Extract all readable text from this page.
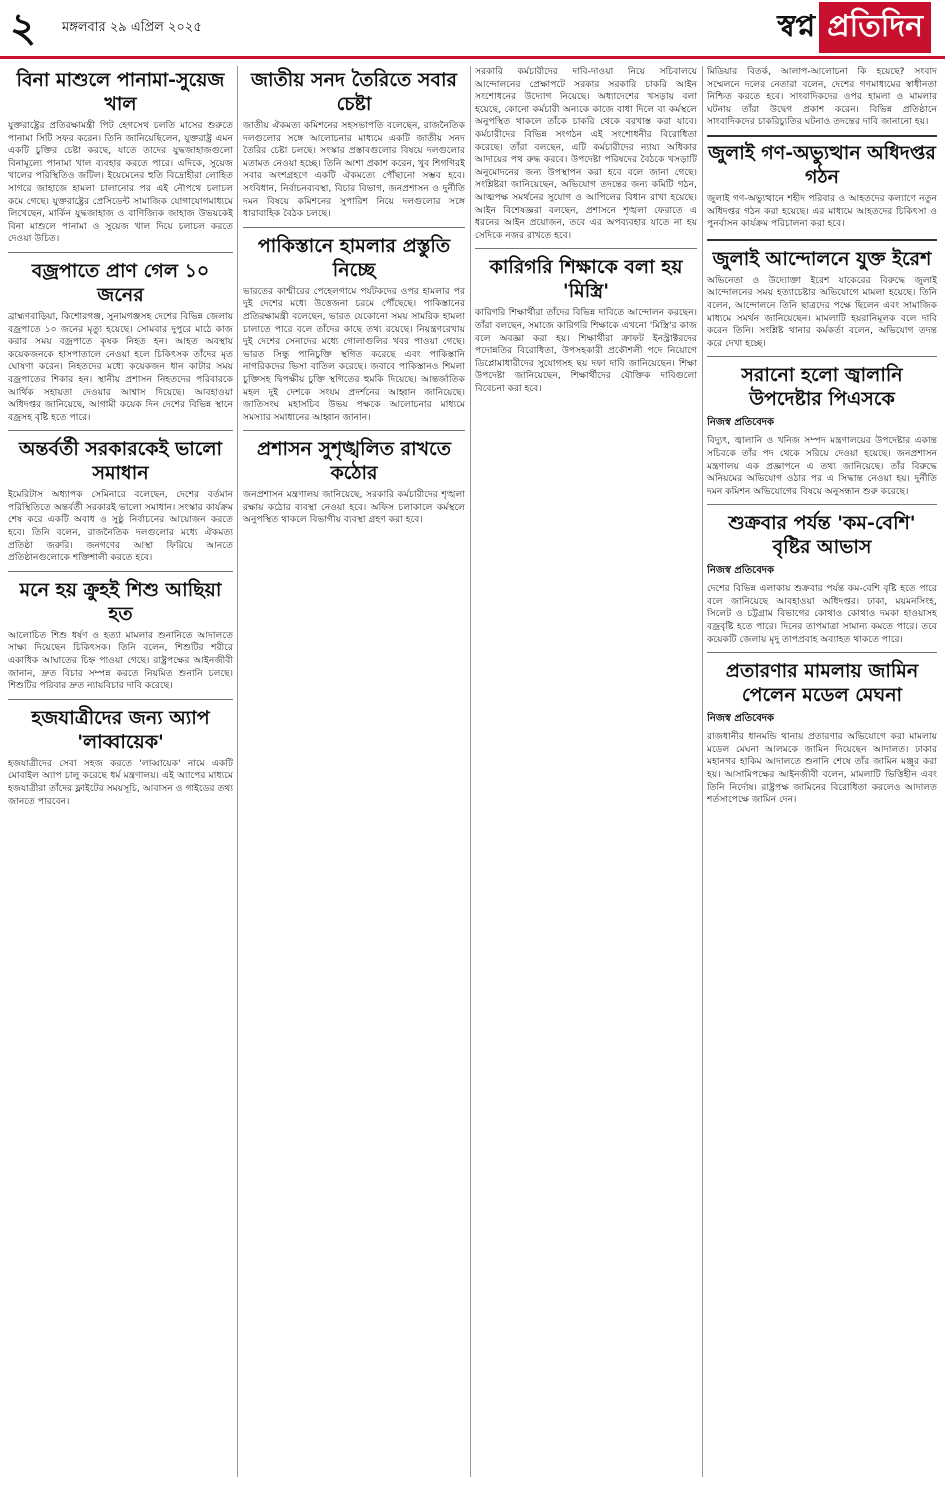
২ মঙ্গলবার ২৯ এপ্রিল ২০২৫	স্বপ্ন প্রতিদিন
বিনা মাশুলে পানামা-সুয়েজ খাল

যুক্তরাষ্ট্রের প্রতিরক্ষামন্ত্রী পিট হেগসেথ চলতি মাসের শুরুতে পানামা সিটি সফর করেন। তিনি জানিয়েছিলেন, যুক্তরাষ্ট্র এমন একটি চুক্তির চেষ্টা করছে, যাতে তাদের যুদ্ধজাহাজগুলো বিনামূল্যে পানামা খাল ব্যবহার করতে পারে। এদিকে, সুয়েজ খালের পরিস্থিতিও জটিল। ইয়েমেনের হুতি বিদ্রোহীরা লোহিত সাগরে জাহাজে হামলা চালানোর পর এই নৌপথে চলাচল কমে গেছে। যুক্তরাষ্ট্রের প্রেসিডেন্ট সামাজিক যোগাযোগমাধ্যমে লিখেছেন, মার্কিন যুদ্ধজাহাজ ও বাণিজ্যিক জাহাজ উভয়কেই বিনা মাশুলে পানামা ও সুয়েজ খাল দিয়ে চলাচল করতে দেওয়া উচিত।

বজ্রপাতে প্রাণ গেল ১০ জনের

ব্রাহ্মণবাড়িয়া, কিশোরগঞ্জ, সুনামগঞ্জসহ দেশের বিভিন্ন জেলায় বজ্রপাতে ১০ জনের মৃত্যু হয়েছে। সোমবার দুপুরে মাঠে কাজ করার সময় বজ্রপাতে কৃষক নিহত হন। আহত অবস্থায় কয়েকজনকে হাসপাতালে নেওয়া হলে চিকিৎসক তাঁদের মৃত ঘোষণা করেন। নিহতদের মধ্যে কয়েকজন ধান কাটার সময় বজ্রপাতের শিকার হন। স্থানীয় প্রশাসন নিহতদের পরিবারকে আর্থিক সহায়তা দেওয়ার আশ্বাস দিয়েছে। আবহাওয়া অধিদপ্তর জানিয়েছে, আগামী কয়েক দিন দেশের বিভিন্ন স্থানে বজ্রসহ বৃষ্টি হতে পারে।

অন্তর্বর্তী সরকারকেই ভালো সমাধান

ইমেরিটাস অধ্যাপক সেমিনারে বলেছেন, দেশের বর্তমান পরিস্থিতিতে অন্তর্বর্তী সরকারই ভালো সমাধান। সংস্কার কার্যক্রম শেষ করে একটি অবাধ ও সুষ্ঠু নির্বাচনের আয়োজন করতে হবে। তিনি বলেন, রাজনৈতিক দলগুলোর মধ্যে ঐকমত্য প্রতিষ্ঠা জরুরি। জনগণের আস্থা ফিরিয়ে আনতে প্রতিষ্ঠানগুলোকে শক্তিশালী করতে হবে।

মনে হয় ক্রুহই শিশু আছিয়া হত

আলোচিত শিশু ধর্ষণ ও হত্যা মামলার শুনানিতে আদালতে সাক্ষ্য দিয়েছেন চিকিৎসক। তিনি বলেন, শিশুটির শরীরে একাধিক আঘাতের চিহ্ন পাওয়া গেছে। রাষ্ট্রপক্ষের আইনজীবী জানান, দ্রুত বিচার সম্পন্ন করতে নিয়মিত শুনানি চলছে। শিশুটির পরিবার দ্রুত ন্যায়বিচার দাবি করেছে।

হজযাত্রীদের জন্য অ্যাপ 'লাব্বায়েক'

হজযাত্রীদের সেবা সহজ করতে 'লাব্বায়েক' নামে একটি মোবাইল অ্যাপ চালু করেছে ধর্ম মন্ত্রণালয়। এই অ্যাপের মাধ্যমে হজযাত্রীরা তাঁদের ফ্লাইটের সময়সূচি, আবাসন ও গাইডের তথ্য জানতে পারবেন।

জাতীয় সনদ তৈরিতে সবার চেষ্টা

জাতীয় ঐকমত্য কমিশনের সহসভাপতি বলেছেন, রাজনৈতিক দলগুলোর সঙ্গে আলোচনার মাধ্যমে একটি জাতীয় সনদ তৈরির চেষ্টা চলছে। সংস্কার প্রস্তাবগুলোর বিষয়ে দলগুলোর মতামত নেওয়া হচ্ছে। তিনি আশা প্রকাশ করেন, খুব শিগগিরই সবার অংশগ্রহণে একটি ঐকমত্যে পৌঁছানো সম্ভব হবে। সংবিধান, নির্বাচনব্যবস্থা, বিচার বিভাগ, জনপ্রশাসন ও দুর্নীতি দমন বিষয়ে কমিশনের সুপারিশ নিয়ে দলগুলোর সঙ্গে ধারাবাহিক বৈঠক চলছে।

পাকিস্তানে হামলার প্রস্তুতি নিচ্ছে

ভারতের কাশ্মীরের পেহেলগামে পর্যটকদের ওপর হামলার পর দুই দেশের মধ্যে উত্তেজনা চরমে পৌঁছেছে। পাকিস্তানের প্রতিরক্ষামন্ত্রী বলেছেন, ভারত যেকোনো সময় সামরিক হামলা চালাতে পারে বলে তাঁদের কাছে তথ্য রয়েছে। নিয়ন্ত্রণরেখায় দুই দেশের সেনাদের মধ্যে গোলাগুলির খবর পাওয়া গেছে। ভারত সিন্ধু পানিচুক্তি স্থগিত করেছে এবং পাকিস্তানি নাগরিকদের ভিসা বাতিল করেছে। জবাবে পাকিস্তানও শিমলা চুক্তিসহ দ্বিপক্ষীয় চুক্তি স্থগিতের হুমকি দিয়েছে। আন্তর্জাতিক মহল দুই দেশকে সংযম প্রদর্শনের আহ্বান জানিয়েছে। জাতিসংঘ মহাসচিব উভয় পক্ষকে আলোচনার মাধ্যমে সমস্যার সমাধানের আহ্বান জানান।

প্রশাসন সুশৃঙ্খলিত রাখতে কঠোর

জনপ্রশাসন মন্ত্রণালয় জানিয়েছে, সরকারি কর্মচারীদের শৃঙ্খলা রক্ষায় কঠোর ব্যবস্থা নেওয়া হবে। অফিস চলাকালে কর্মস্থলে অনুপস্থিত থাকলে বিভাগীয় ব্যবস্থা গ্রহণ করা হবে।

সরকারি কর্মচারীদের দাবি-দাওয়া নিয়ে সচিবালয়ে আন্দোলনের প্রেক্ষাপটে সরকার সরকারি চাকরি আইন সংশোধনের উদ্যোগ নিয়েছে। অধ্যাদেশের খসড়ায় বলা হয়েছে, কোনো কর্মচারী অন্যকে কাজে বাধা দিলে বা কর্মস্থলে অনুপস্থিত থাকলে তাঁকে চাকরি থেকে বরখাস্ত করা যাবে। কর্মচারীদের বিভিন্ন সংগঠন এই সংশোধনীর বিরোধিতা করেছে। তাঁরা বলছেন, এটি কর্মচারীদের ন্যায্য অধিকার আদায়ের পথ রুদ্ধ করবে। উপদেষ্টা পরিষদের বৈঠকে খসড়াটি অনুমোদনের জন্য উপস্থাপন করা হবে বলে জানা গেছে। সংশ্লিষ্টরা জানিয়েছেন, অভিযোগ তদন্তের জন্য কমিটি গঠন, আত্মপক্ষ সমর্থনের সুযোগ ও আপিলের বিধান রাখা হয়েছে। আইন বিশেষজ্ঞরা বলছেন, প্রশাসনে শৃঙ্খলা ফেরাতে এ ধরনের আইন প্রয়োজন, তবে এর অপব্যবহার যাতে না হয় সেদিকে নজর রাখতে হবে।

কারিগরি শিক্ষাকে বলা হয় 'মিস্ত্রি'

কারিগরি শিক্ষার্থীরা তাঁদের বিভিন্ন দাবিতে আন্দোলন করছেন। তাঁরা বলছেন, সমাজে কারিগরি শিক্ষাকে এখনো 'মিস্ত্রি'র কাজ বলে অবজ্ঞা করা হয়। শিক্ষার্থীরা ক্রাফট ইনস্ট্রাক্টরদের পদোন্নতির বিরোধিতা, উপসহকারী প্রকৌশলী পদে নিয়োগে ডিপ্লোমাধারীদের সুযোগসহ ছয় দফা দাবি জানিয়েছেন। শিক্ষা উপদেষ্টা জানিয়েছেন, শিক্ষার্থীদের যৌক্তিক দাবিগুলো বিবেচনা করা হবে।

মিডিয়ার বিতর্ক, আলাপ-আলোচনা কি হয়েছে? সংবাদ সম্মেলনে দলের নেতারা বলেন, দেশের গণমাধ্যমের স্বাধীনতা নিশ্চিত করতে হবে। সাংবাদিকদের ওপর হামলা ও মামলার ঘটনায় তাঁরা উদ্বেগ প্রকাশ করেন। বিভিন্ন প্রতিষ্ঠানে সাংবাদিকদের চাকরিচ্যুতির ঘটনাও তদন্তের দাবি জানানো হয়।

জুলাই গণ-অভ্যুত্থান অধিদপ্তর গঠন

জুলাই গণ-অভ্যুত্থানে শহীদ পরিবার ও আহতদের কল্যাণে নতুন অধিদপ্তর গঠন করা হয়েছে। এর মাধ্যমে আহতদের চিকিৎসা ও পুনর্বাসন কার্যক্রম পরিচালনা করা হবে।

জুলাই আন্দোলনে যুক্ত ইরেশ

অভিনেতা ও উদ্যোক্তা ইরেশ যাকেরের বিরুদ্ধে জুলাই আন্দোলনের সময় হত্যাচেষ্টার অভিযোগে মামলা হয়েছে। তিনি বলেন, আন্দোলনে তিনি ছাত্রদের পক্ষে ছিলেন এবং সামাজিক মাধ্যমে সমর্থন জানিয়েছেন। মামলাটি হয়রানিমূলক বলে দাবি করেন তিনি। সংশ্লিষ্ট থানার কর্মকর্তা বলেন, অভিযোগ তদন্ত করে দেখা হচ্ছে।

সরানো হলো জ্বালানি উপদেষ্টার পিএসকে
নিজস্ব প্রতিবেদক

বিদ্যুৎ, জ্বালানি ও খনিজ সম্পদ মন্ত্রণালয়ের উপদেষ্টার একান্ত সচিবকে তাঁর পদ থেকে সরিয়ে দেওয়া হয়েছে। জনপ্রশাসন মন্ত্রণালয় এক প্রজ্ঞাপনে এ তথ্য জানিয়েছে। তাঁর বিরুদ্ধে অনিয়মের অভিযোগ ওঠার পর এ সিদ্ধান্ত নেওয়া হয়। দুর্নীতি দমন কমিশন অভিযোগের বিষয়ে অনুসন্ধান শুরু করেছে।

শুক্রবার পর্যন্ত 'কম-বেশি' বৃষ্টির আভাস
নিজস্ব প্রতিবেদক

দেশের বিভিন্ন এলাকায় শুক্রবার পর্যন্ত কম-বেশি বৃষ্টি হতে পারে বলে জানিয়েছে আবহাওয়া অধিদপ্তর। ঢাকা, ময়মনসিংহ, সিলেট ও চট্টগ্রাম বিভাগের কোথাও কোথাও দমকা হাওয়াসহ বজ্রবৃষ্টি হতে পারে। দিনের তাপমাত্রা সামান্য কমতে পারে। তবে কয়েকটি জেলায় মৃদু তাপপ্রবাহ অব্যাহত থাকতে পারে।

প্রতারণার মামলায় জামিন পেলেন মডেল মেঘনা
নিজস্ব প্রতিবেদক

রাজধানীর ধানমন্ডি থানায় প্রতারণার অভিযোগে করা মামলায় মডেল মেঘনা আলমকে জামিন দিয়েছেন আদালত। ঢাকার মহানগর হাকিম আদালতে শুনানি শেষে তাঁর জামিন মঞ্জুর করা হয়। আসামিপক্ষের আইনজীবী বলেন, মামলাটি ভিত্তিহীন এবং তিনি নির্দোষ। রাষ্ট্রপক্ষ জামিনের বিরোধিতা করলেও আদালত শর্তসাপেক্ষে জামিন দেন।
